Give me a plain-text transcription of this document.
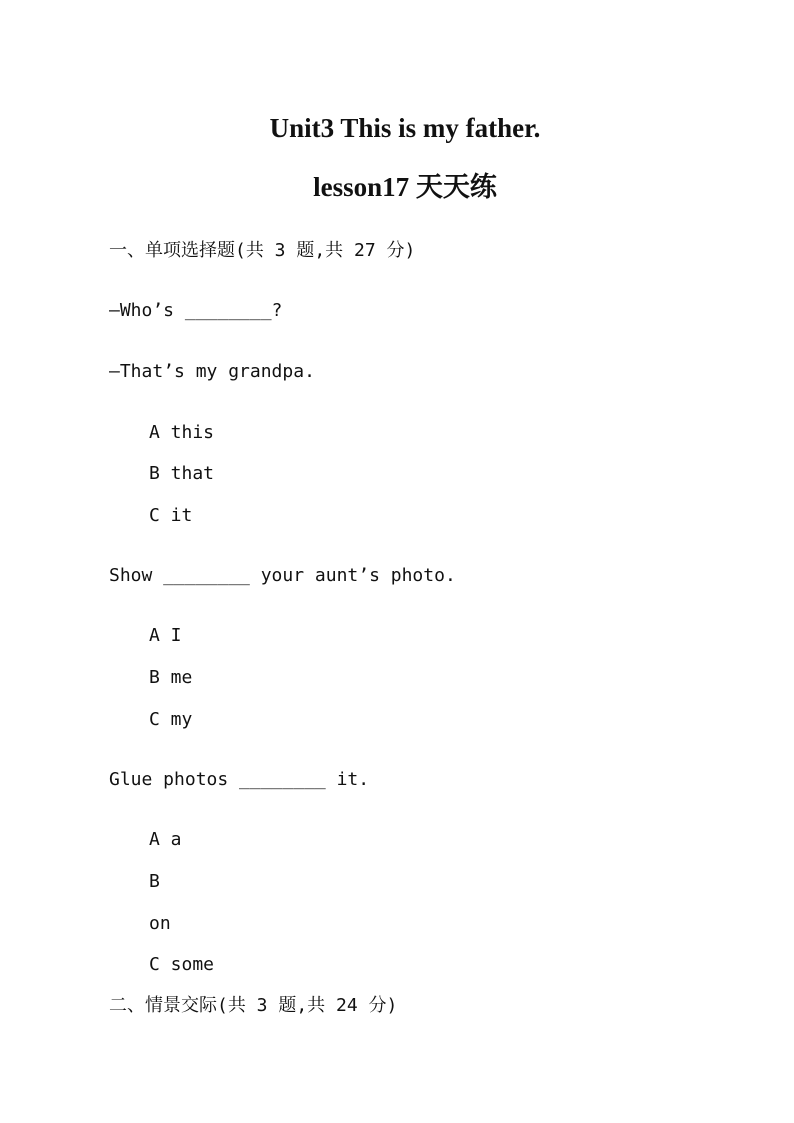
Unit3 This is my father.
lesson17 天天练
一、单项选择题(共 3 题,共 27 分)
—Who’s ________?
—That’s my grandpa.
A this
B that
C it
Show ________ your aunt’s photo.
A I
B me
C my
Glue photos ________ it.
A a
B
on
C some
二、情景交际(共 3 题,共 24 分)
